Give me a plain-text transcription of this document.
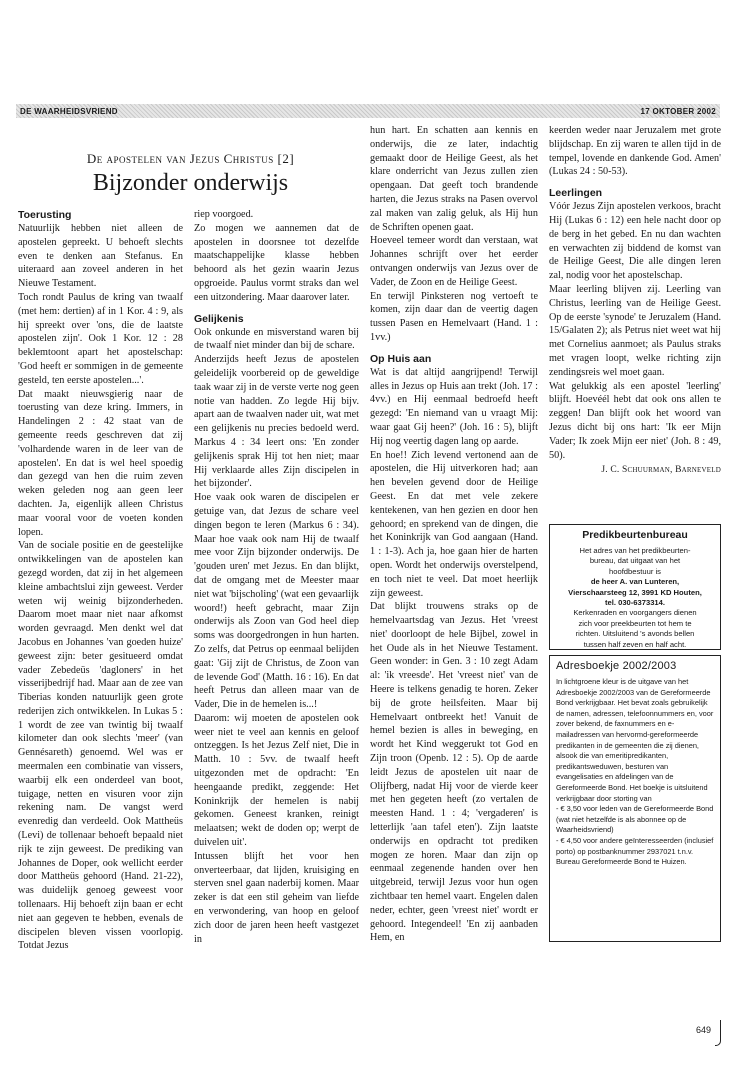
DE WAARHEIDSVRIEND	17 OKTOBER 2002
De apostelen van Jezus Christus [2]
Bijzonder onderwijs
Toerusting

Natuurlijk hebben niet alleen de apostelen gepreekt. U behoeft slechts even te denken aan Stefanus. En uiteraard aan zoveel anderen in het Nieuwe Testament.

Toch rondt Paulus de kring van twaalf (met hem: dertien) af in 1 Kor. 4 : 9, als hij spreekt over 'ons, die de laatste apostelen zijn'. Ook 1 Kor. 12 : 28 beklemtoont apart het apostelschap: 'God heeft er sommigen in de gemeente gesteld, ten eerste apostelen...'.

Dat maakt nieuwsgierig naar de toerusting van deze kring. Immers, in Handelingen 2 : 42 staat van de gemeente reeds geschreven dat zij 'volhardende waren in de leer van de apostelen'. En dat is wel heel spoedig dan gezegd van hen die ruim zeven weken geleden nog aan geen leer dachten. Ja, eigenlijk alleen Christus maar vooral voor de voeten konden lopen.

Van de sociale positie en de geestelijke ontwikkelingen van de apostelen kan gezegd worden, dat zij in het algemeen kleine ambachtslui zijn geweest. Verder weten wij weinig bijzonderheden. Daarom moet maar niet naar afkomst worden gevraagd. Men denkt wel dat Jacobus en Johannes 'van goeden huize' geweest zijn: beter gesitueerd omdat vader Zebedeüs 'dagloners' in het visserijbedrijf had. Maar aan de zee van Tiberias konden natuurlijk geen grote rederijen zich ontwikkelen. In Lukas 5 : 1 wordt de zee van twintig bij twaalf kilometer dan ook slechts 'meer' (van Gennésareth) genoemd. Wel was er meermalen een combinatie van vissers, waarbij elk een onderdeel van boot, tuigage, netten en visuren voor zijn rekening nam. De vangst werd evenredig dan verdeeld. Ook Mattheüs (Levi) de tollenaar behoeft bepaald niet rijk te zijn geweest. De prediking van Johannes de Doper, ook wellicht eerder door Mattheüs gehoord (Hand. 21-22), was duidelijk genoeg geweest voor tollenaars. Hij behoeft zijn baan er echt niet aan gegeven te hebben, evenals de discipelen bleven vissen voorlopig. Totdat Jezus

riep voorgoed.

Zo mogen we aannemen dat de apostelen in doorsnee tot dezelfde maatschappelijke klasse hebben behoord als het gezin waarin Jezus opgroeide. Paulus vormt straks dan wel een uitzondering. Maar daarover later.

Gelijkenis

Ook onkunde en misverstand waren bij de twaalf niet minder dan bij de schare.

Anderzijds heeft Jezus de apostelen geleidelijk voorbereid op de geweldige taak waar zij in de verste verte nog geen notie van hadden. Zo legde Hij bijv. apart aan de twaalven nader uit, wat met een gelijkenis nu precies bedoeld werd. Markus 4 : 34 leert ons: 'En zonder gelijkenis sprak Hij tot hen niet; maar Hij verklaarde alles Zijn discipelen in het bijzonder'.

Hoe vaak ook waren de discipelen er getuige van, dat Jezus de schare veel dingen begon te leren (Markus 6 : 34). Maar hoe vaak ook nam Hij de twaalf mee voor Zijn bijzonder onderwijs. De 'gouden uren' met Jezus. En dan blijkt, dat de omgang met de Meester maar niet wat 'bijscholing' (wat een gevaarlijk woord!) heeft gebracht, maar Zijn onderwijs als Zoon van God heel diep soms was doorgedrongen in hun harten. Zo zelfs, dat Petrus op eenmaal belijden gaat: 'Gij zijt de Christus, de Zoon van de levende God' (Matth. 16 : 16). En dat heeft Petrus dan alleen maar van de Vader, Die in de hemelen is...!

Daarom: wij moeten de apostelen ook weer niet te veel aan kennis en geloof ontzeggen. Is het Jezus Zelf niet, Die in Matth. 10 : 5vv. de twaalf heeft uitgezonden met de opdracht: 'En heengaande predikt, zeggende: Het Koninkrijk der hemelen is nabij gekomen. Geneest kranken, reinigt melaatsen; wekt de doden op; werpt de duivelen uit'.

Intussen blijft het voor hen onverteerbaar, dat lijden, kruisiging en sterven snel gaan naderbij komen. Maar zeker is dat een stil geheim van liefde en verwondering, van hoop en geloof zich door de jaren heen heeft vastgezet in

hun hart. En schatten aan kennis en onderwijs, die ze later, indachtig gemaakt door de Heilige Geest, als het klare onderricht van Jezus zullen zien opengaan. Dat geeft toch brandende harten, die Jezus straks na Pasen overvol zal maken van zalig geluk, als Hij hun de Schriften openen gaat.

Hoeveel temeer wordt dan verstaan, wat Johannes schrijft over het eerder ontvangen onderwijs van Jezus over de Vader, de Zoon en de Heilige Geest.

En terwijl Pinksteren nog vertoeft te komen, zijn daar dan de veertig dagen tussen Pasen en Hemelvaart (Hand. 1 : 1vv.)

Op Huis aan

Wat is dat altijd aangrijpend! Terwijl alles in Jezus op Huis aan trekt (Joh. 17 : 4vv.) en Hij eenmaal bedroefd heeft gezegd: 'En niemand van u vraagt Mij: waar gaat Gij heen?' (Joh. 16 : 5), blijft Hij nog veertig dagen lang op aarde.

En hoe!! Zich levend vertonend aan de apostelen, die Hij uitverkoren had; aan hen bevelen gevend door de Heilige Geest. En dat met vele zekere kentekenen, van hen gezien en door hen gehoord; en sprekend van de dingen, die het Koninkrijk van God aangaan (Hand. 1 : 1-3). Ach ja, hoe gaan hier de harten open. Wordt het onderwijs overstelpend, en toch niet te veel. Dat moet heerlijk zijn geweest.

Dat blijkt trouwens straks op de hemelvaartsdag van Jezus. Het 'vreest niet' doorloopt de hele Bijbel, zowel in het Oude als in het Nieuwe Testament. Geen wonder: in Gen. 3 : 10 zegt Adam al: 'ik vreesde'. Het 'vreest niet' van de Heere is telkens genadig te horen. Zeker bij de grote heilsfeiten. Maar bij Hemelvaart ontbreekt het! Vanuit de hemel bezien is alles in beweging, en wordt het Kind weggerukt tot God en Zijn troon (Openb. 12 : 5). Op de aarde leidt Jezus de apostelen uit naar de Olijfberg, nadat Hij voor de vierde keer met hen gegeten heeft (zo vertalen de meesten Hand. 1 : 4; 'vergaderen' is letterlijk 'aan tafel eten'). Zijn laatste onderwijs en opdracht tot prediken mogen ze horen. Maar dan zijn op eenmaal zegenende handen over hen uitgebreid, terwijl Jezus voor hun ogen zichtbaar ten hemel vaart. Engelen dalen neder, echter, geen 'vreest niet' wordt er gehoord. Integendeel! 'En zij aanbaden Hem, en

keerden weder naar Jeruzalem met grote blijdschap. En zij waren te allen tijd in de tempel, lovende en dankende God. Amen' (Lukas 24 : 50-53).

Leerlingen

Vóór Jezus Zijn apostelen verkoos, bracht Hij (Lukas 6 : 12) een hele nacht door op de berg in het gebed. En nu dan wachten en verwachten zij biddend de komst van de Heilige Geest, Die alle dingen leren zal, nodig voor het apostelschap.

Maar leerling blijven zij. Leerling van Christus, leerling van de Heilige Geest. Op de eerste 'synode' te Jeruzalem (Hand. 15/Galaten 2); als Petrus niet weet wat hij met Cornelius aanmoet; als Paulus straks met vragen loopt, welke richting zijn zendingsreis wel moet gaan.

Wat gelukkig als een apostel 'leerling' blijft. Hoevéél hebt dat ook ons allen te zeggen! Dan blijft ook het woord van Jezus dicht bij ons hart: 'Ik eer Mijn Vader; Ik zoek Mijn eer niet' (Joh. 8 : 49, 50).

J. C. Schuurman, Barneveld
Predikbeurtenbureau
Het adres van het predikbeurten-
bureau, dat uitgaat van het
hoofdbestuur is
de heer A. van Lunteren,
Vierschaarsteeg 12, 3991 KD Houten,
tel. 030-6373314.
Kerkenraden en voorgangers dienen
zich voor preekbeurten tot hem te
richten. Uitsluitend 's avonds bellen
tussen half zeven en half acht.
Adresboekje 2002/2003

In lichtgroene kleur is de uitgave van het Adresboekje 2002/2003 van de Gereformeerde Bond verkrijgbaar. Het bevat zoals gebruikelijk de namen, adressen, telefoonnummers en, voor zover bekend, de faxnummers en e-mailadressen van hervormd-gereformeerde predikanten in de gemeenten die zij dienen, alsook die van emeritipredikanten, predikantsweduwen, besturen van evangelisaties en afdelingen van de Gereformeerde Bond. Het boekje is uitsluitend verkrijgbaar door storting van

- € 3,50 voor leden van de Gereformeerde Bond (wat niet hetzelfde is als abonnee op de Waarheidsvriend)

- € 4,50 voor andere geïnteresseerden (inclusief porto) op postbanknummer 2937021 t.n.v. Bureau Gereformeerde Bond te Huizen.

649
